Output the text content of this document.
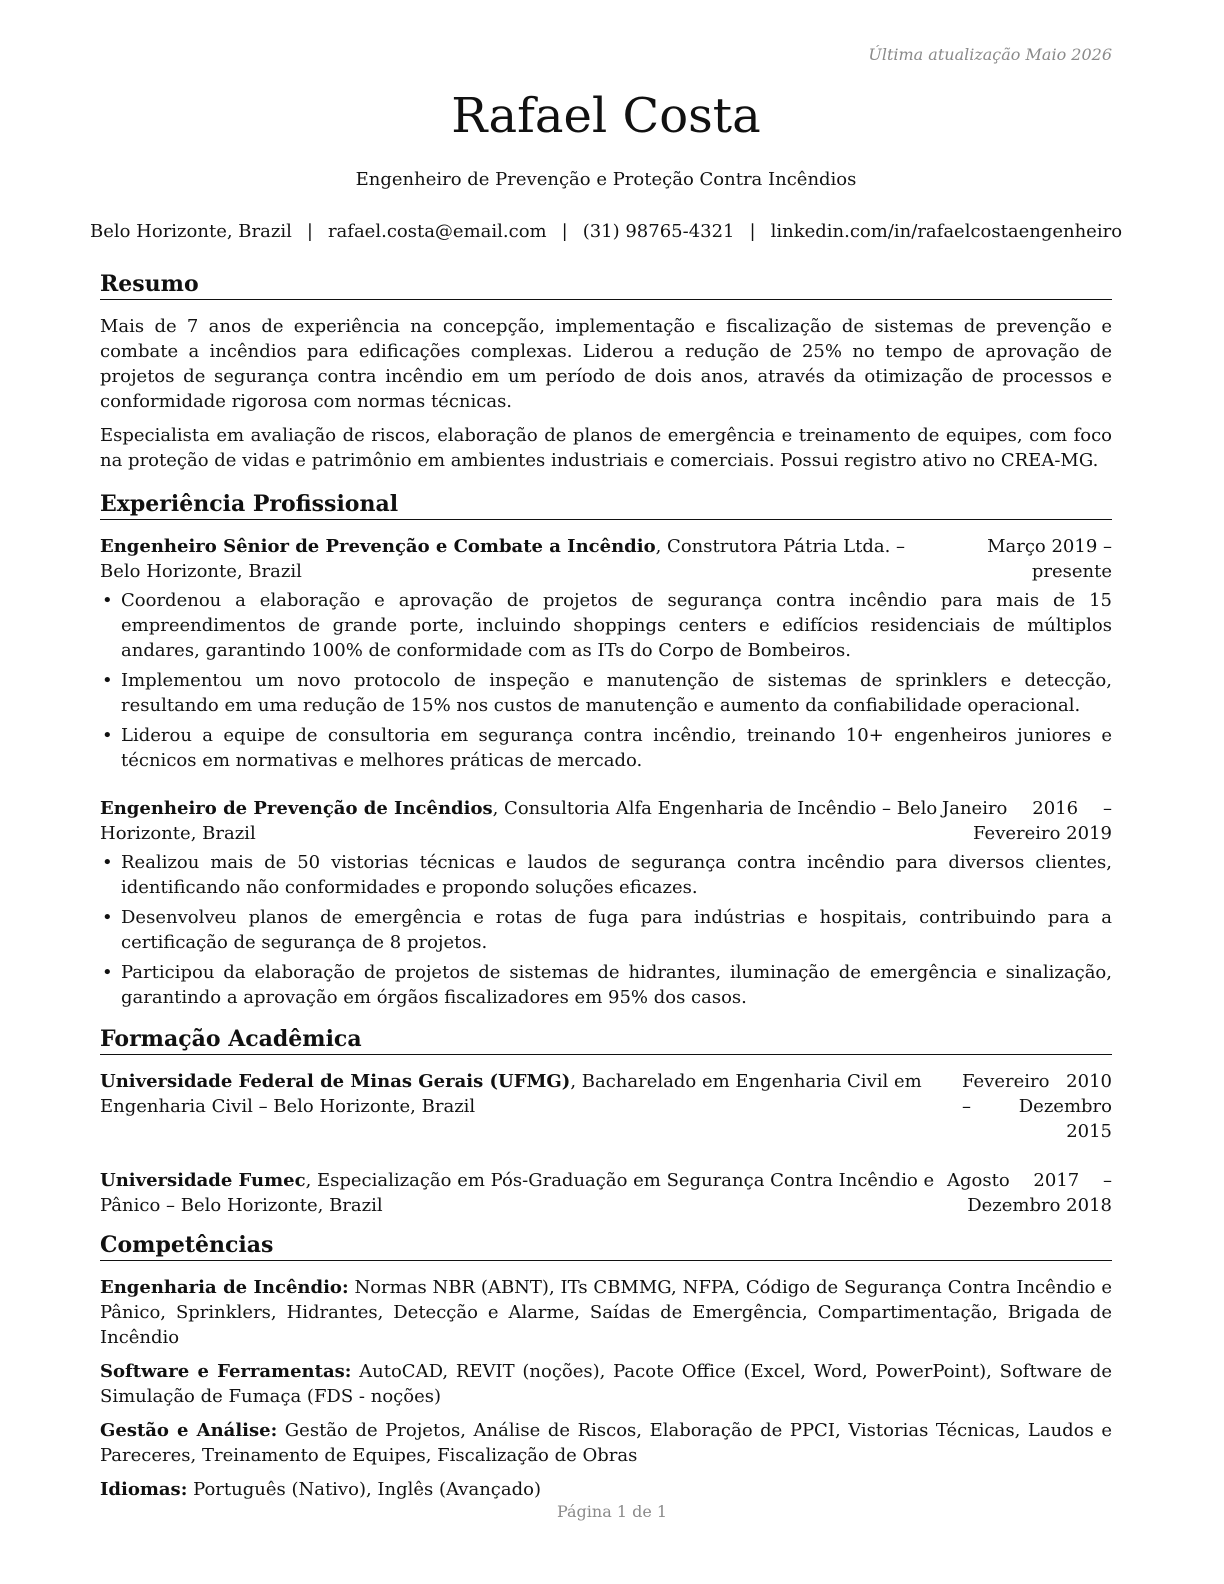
Última atualização Maio 2026
Rafael Costa
Engenheiro de Prevenção e Proteção Contra Incêndios
Belo Horizonte, Brazil | rafael.costa@email.com | (31) 98765-4321 | linkedin.com/in/rafaelcostaengenheiro
Resumo

Mais de 7 anos de experiência na concepção, implementação e fiscalização de sistemas de prevenção e combate a incêndios para edificações complexas. Liderou a redução de 25% no tempo de aprovação de projetos de segurança contra incêndio em um período de dois anos, através da otimização de processos e conformidade rigorosa com normas técnicas.

Especialista em avaliação de riscos, elaboração de planos de emergência e treinamento de equipes, com foco na proteção de vidas e patrimônio em ambientes industriais e comerciais. Possui registro ativo no CREA-MG.

Experiência Profissional
Engenheiro Sênior de Prevenção e Combate a Incêndio, Construtora Pátria Ltda. – Belo Horizonte, Brazil
Março 2019 – presente
• Coordenou a elaboração e aprovação de projetos de segurança contra incêndio para mais de 15 empreendimentos de grande porte, incluindo shoppings centers e edifícios residenciais de múltiplos andares, garantindo 100% de conformidade com as ITs do Corpo de Bombeiros.
• Implementou um novo protocolo de inspeção e manutenção de sistemas de sprinklers e detecção, resultando em uma redução de 15% nos custos de manutenção e aumento da confiabilidade operacional.
• Liderou a equipe de consultoria em segurança contra incêndio, treinando 10+ engenheiros juniores e técnicos em normativas e melhores práticas de mercado.
Engenheiro de Prevenção de Incêndios, Consultoria Alfa Engenharia de Incêndio – Belo Horizonte, Brazil
Janeiro 2016 – Fevereiro 2019
• Realizou mais de 50 vistorias técnicas e laudos de segurança contra incêndio para diversos clientes, identificando não conformidades e propondo soluções eficazes.
• Desenvolveu planos de emergência e rotas de fuga para indústrias e hospitais, contribuindo para a certificação de segurança de 8 projetos.
• Participou da elaboração de projetos de sistemas de hidrantes, iluminação de emergência e sinalização, garantindo a aprovação em órgãos fiscalizadores em 95% dos casos.
Formação Acadêmica
Universidade Federal de Minas Gerais (UFMG), Bacharelado em Engenharia Civil em Engenharia Civil – Belo Horizonte, Brazil
Fevereiro 2010 – Dezembro 2015
Universidade Fumec, Especialização em Pós-Graduação em Segurança Contra Incêndio e Pânico – Belo Horizonte, Brazil
Agosto 2017 – Dezembro 2018
Competências

Engenharia de Incêndio: Normas NBR (ABNT), ITs CBMMG, NFPA, Código de Segurança Contra Incêndio e Pânico, Sprinklers, Hidrantes, Detecção e Alarme, Saídas de Emergência, Compartimentação, Brigada de Incêndio

Software e Ferramentas: AutoCAD, REVIT (noções), Pacote Office (Excel, Word, PowerPoint), Software de Simulação de Fumaça (FDS - noções)

Gestão e Análise: Gestão de Projetos, Análise de Riscos, Elaboração de PPCI, Vistorias Técnicas, Laudos e Pareceres, Treinamento de Equipes, Fiscalização de Obras

Idiomas: Português (Nativo), Inglês (Avançado)

Página 1 de 1
